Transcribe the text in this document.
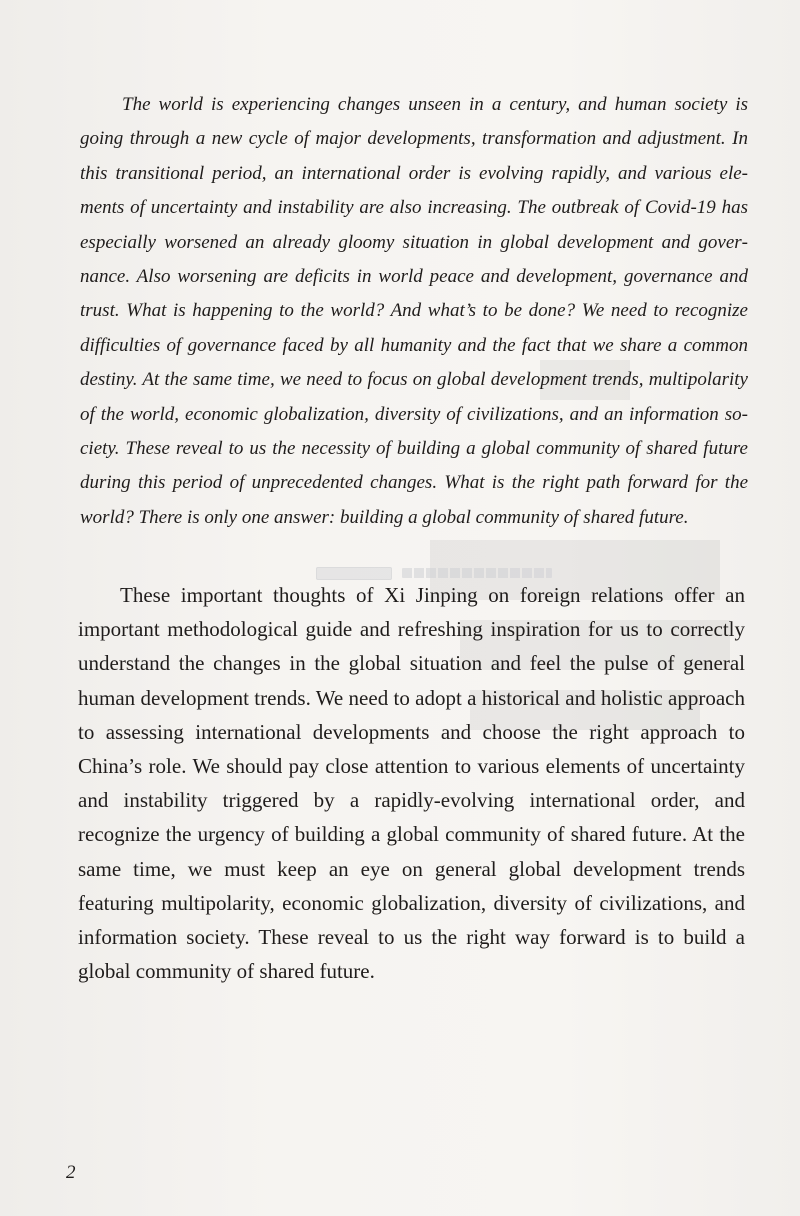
The world is experiencing changes unseen in a century, and human society is going through a new cycle of major developments, transformation and adjustment. In this transitional period, an international order is evolving rapidly, and various elements of uncertainty and instability are also increasing. The outbreak of Covid-19 has especially worsened an already gloomy situation in global development and governance. Also worsening are deficits in world peace and development, governance and trust. What is happening to the world? And what’s to be done? We need to recognize difficulties of governance faced by all humanity and the fact that we share a common destiny. At the same time, we need to focus on global development trends, multipolarity of the world, economic globalization, diversity of civilizations, and an information society. These reveal to us the necessity of building a global community of shared future during this period of unprecedented changes. What is the right path forward for the world? There is only one answer: building a global community of shared future.

These important thoughts of Xi Jinping on foreign relations offer an important methodological guide and refreshing inspiration for us to correctly understand the changes in the global situation and feel the pulse of general human development trends. We need to adopt a historical and holistic approach to assessing international developments and choose the right approach to China’s role. We should pay close attention to various elements of uncertainty and instability triggered by a rapidly-evolving international order, and recognize the urgency of building a global community of shared future. At the same time, we must keep an eye on general global development trends featuring multipolarity, economic globalization, diversity of civilizations, and information society. These reveal to us the right way forward is to build a global community of shared future.

2
